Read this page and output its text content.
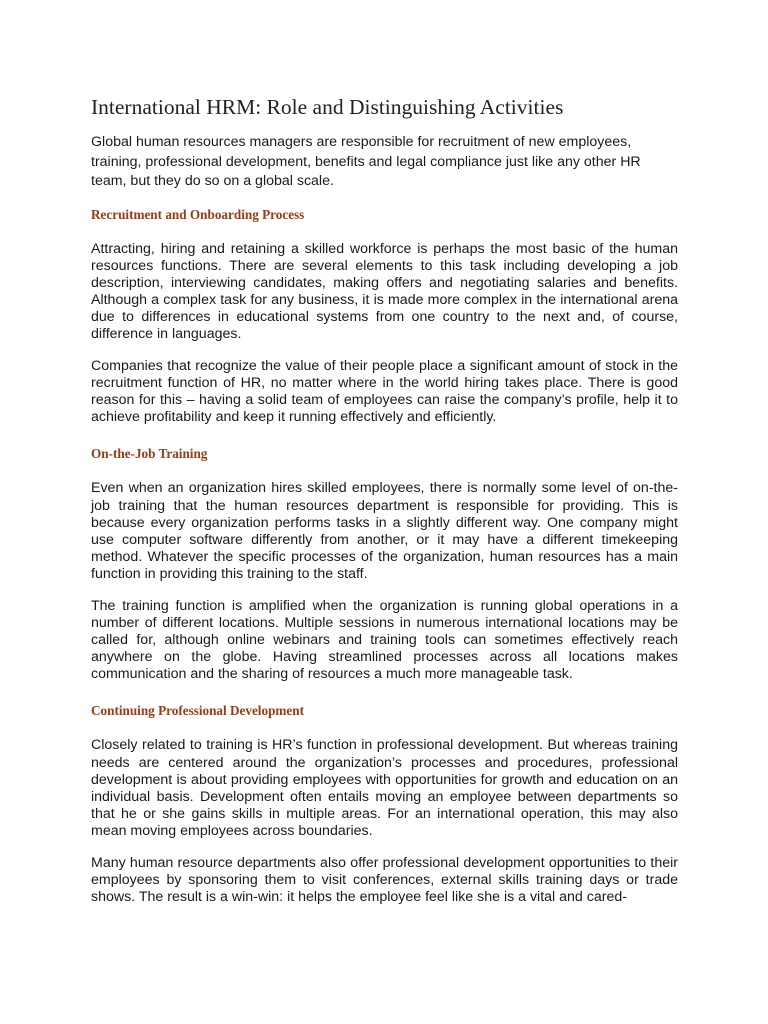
International HRM: Role and Distinguishing Activities

Global human resources managers are responsible for recruitment of new employees, training, professional development, benefits and legal compliance just like any other HR team, but they do so on a global scale.

Recruitment and Onboarding Process

Attracting, hiring and retaining a skilled workforce is perhaps the most basic of the human resources functions. There are several elements to this task including developing a job description, interviewing candidates, making offers and negotiating salaries and benefits. Although a complex task for any business, it is made more complex in the international arena due to differences in educational systems from one country to the next and, of course, difference in languages.

Companies that recognize the value of their people place a significant amount of stock in the recruitment function of HR, no matter where in the world hiring takes place. There is good reason for this – having a solid team of employees can raise the company’s profile, help it to achieve profitability and keep it running effectively and efficiently.

On-the-Job Training

Even when an organization hires skilled employees, there is normally some level of on-the-job training that the human resources department is responsible for providing. This is because every organization performs tasks in a slightly different way. One company might use computer software differently from another, or it may have a different timekeeping method. Whatever the specific processes of the organization, human resources has a main function in providing this training to the staff.

The training function is amplified when the organization is running global operations in a number of different locations. Multiple sessions in numerous international locations may be called for, although online webinars and training tools can sometimes effectively reach anywhere on the globe. Having streamlined processes across all locations makes communication and the sharing of resources a much more manageable task.

Continuing Professional Development

Closely related to training is HR’s function in professional development. But whereas training needs are centered around the organization’s processes and procedures, professional development is about providing employees with opportunities for growth and education on an individual basis. Development often entails moving an employee between departments so that he or she gains skills in multiple areas. For an international operation, this may also mean moving employees across boundaries.

Many human resource departments also offer professional development opportunities to their employees by sponsoring them to visit conferences, external skills training days or trade shows. The result is a win-win: it helps the employee feel like she is a vital and cared-
